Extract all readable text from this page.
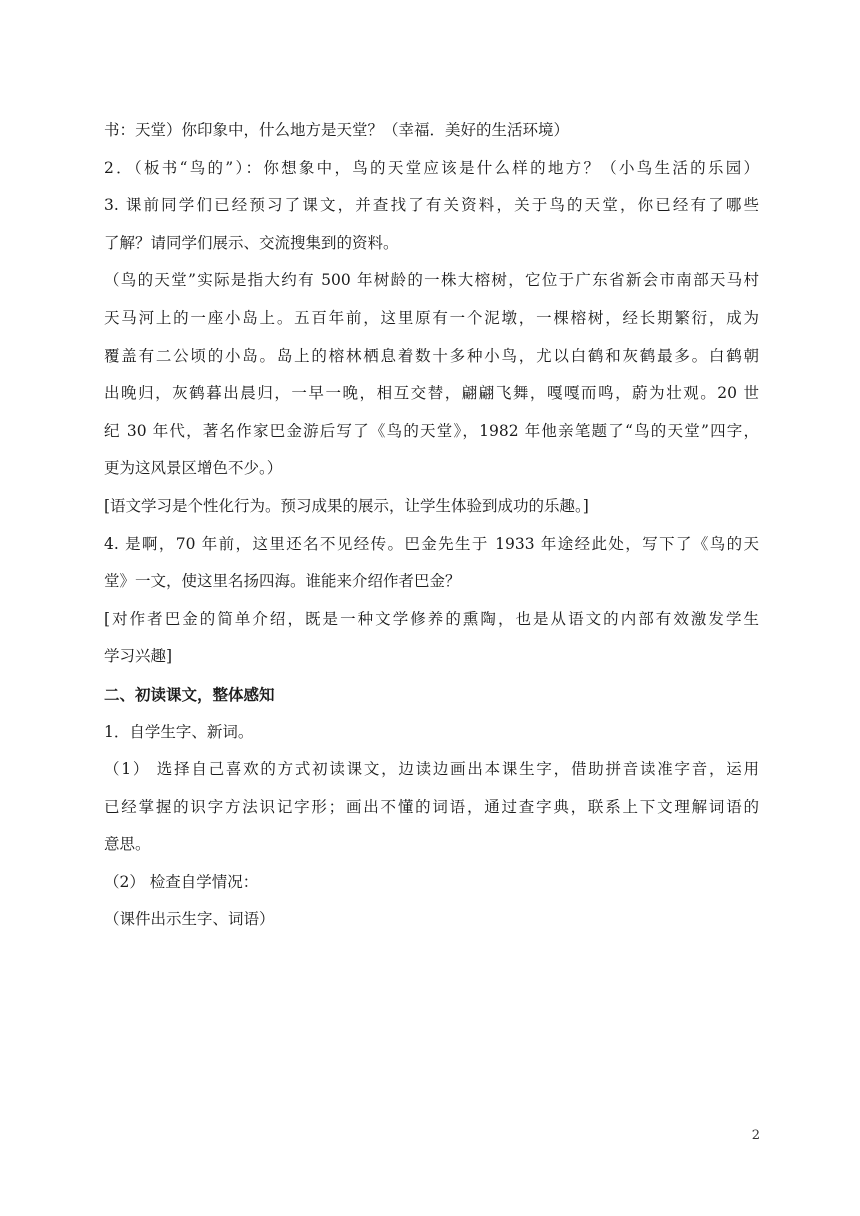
书：天堂）你印象中，什么地方是天堂？（幸福．美好的生活环境）
2．（板书“鸟的”）：你想象中，鸟的天堂应该是什么样的地方？（小鸟生活的乐园）
3. 课前同学们已经预习了课文，并查找了有关资料，关于鸟的天堂，你已经有了哪些
了解？请同学们展示、交流搜集到的资料。
（鸟的天堂”实际是指大约有 500 年树龄的一株大榕树，它位于广东省新会市南部天马村
天马河上的一座小岛上。五百年前，这里原有一个泥墩，一棵榕树，经长期繁衍，成为
覆盖有二公顷的小岛。岛上的榕林栖息着数十多种小鸟，尤以白鹤和灰鹤最多。白鹤朝
出晚归，灰鹤暮出晨归，一早一晚，相互交替，翩翩飞舞，嘎嘎而鸣，蔚为壮观。20 世
纪 30 年代，著名作家巴金游后写了《鸟的天堂》，1982 年他亲笔题了“鸟的天堂”四字，
更为这风景区增色不少。）
[语文学习是个性化行为。预习成果的展示，让学生体验到成功的乐趣。]
4. 是啊，70 年前，这里还名不见经传。巴金先生于 1933 年途经此处，写下了《鸟的天
堂》一文，使这里名扬四海。谁能来介绍作者巴金？
[对作者巴金的简单介绍，既是一种文学修养的熏陶，也是从语文的内部有效激发学生
学习兴趣]
二、初读课文，整体感知
1．自学生字、新词。
（1） 选择自己喜欢的方式初读课文，边读边画出本课生字，借助拼音读准字音，运用
已经掌握的识字方法识记字形；画出不懂的词语，通过查字典，联系上下文理解词语的
意思。
（2） 检查自学情况：
（课件出示生字、词语）
2
